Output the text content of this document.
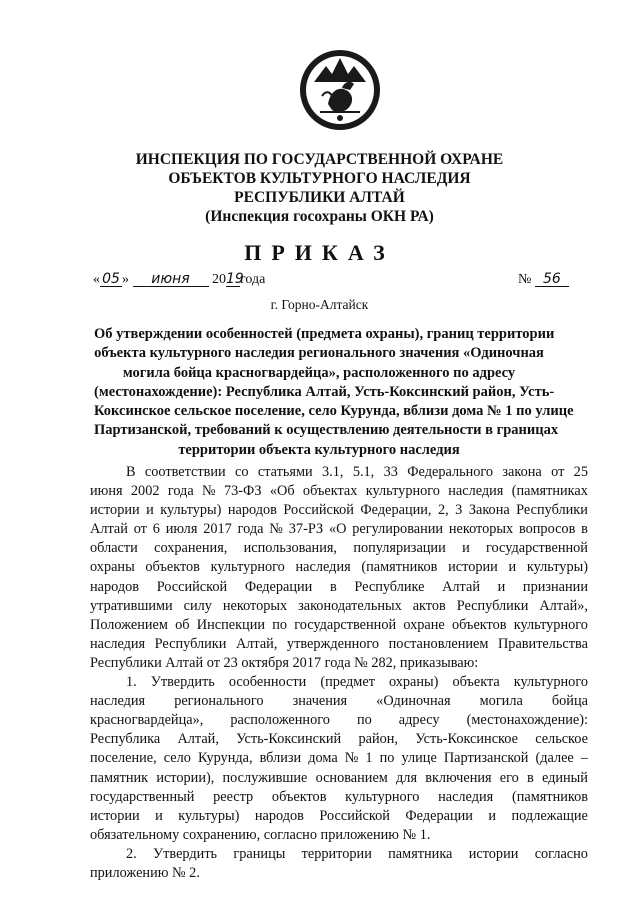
ИНСПЕКЦИЯ ПО ГОСУДАРСТВЕННОЙ ОХРАНЕ
ОБЪЕКТОВ КУЛЬТУРНОГО НАСЛЕДИЯ
РЕСПУБЛИКИ АЛТАЙ
(Инспекция госохраны ОКН РА)
ПРИКАЗ
« 05 » июня 2019года	№ 56
г. Горно-Алтайск
Об утверждении особенностей (предмета охраны), границ территории
объекта культурного наследия регионального значения «Одиночная
могила бойца красногвардейца», расположенного по адресу
(местонахождение): Республика Алтай, Усть-Коксинский район, Усть-
Коксинское сельское поселение, село Курунда, вблизи дома № 1 по улице
Партизанской, требований к осуществлению деятельности в границах
территории объекта культурного наследия
В соответствии со статьями 3.1, 5.1, 33 Федерального закона от 25
июня 2002 года № 73-ФЗ «Об объектах культурного наследия (памятниках
истории и культуры) народов Российской Федерации, 2, 3 Закона Республики
Алтай от 6 июля 2017 года № 37-РЗ «О регулировании некоторых вопросов в
области сохранения, использования, популяризации и государственной
охраны объектов культурного наследия (памятников истории и культуры)
народов Российской Федерации в Республике Алтай и признании
утратившими силу некоторых законодательных актов Республики Алтай»,
Положением об Инспекции по государственной охране объектов культурного
наследия Республики Алтай, утвержденного постановлением Правительства
Республики Алтай от 23 октября 2017 года № 282, приказываю:
1. Утвердить особенности (предмет охраны) объекта культурного
наследия регионального значения «Одиночная могила бойца
красногвардейца», расположенного по адресу (местонахождение):
Республика Алтай, Усть-Коксинский район, Усть-Коксинское сельское
поселение, село Курунда, вблизи дома № 1 по улице Партизанской (далее –
памятник истории), послужившие основанием для включения его в единый
государственный реестр объектов культурного наследия (памятников
истории и культуры) народов Российской Федерации и подлежащие
обязательному сохранению, согласно приложению № 1.
2. Утвердить границы территории памятника истории согласно
приложению № 2.
